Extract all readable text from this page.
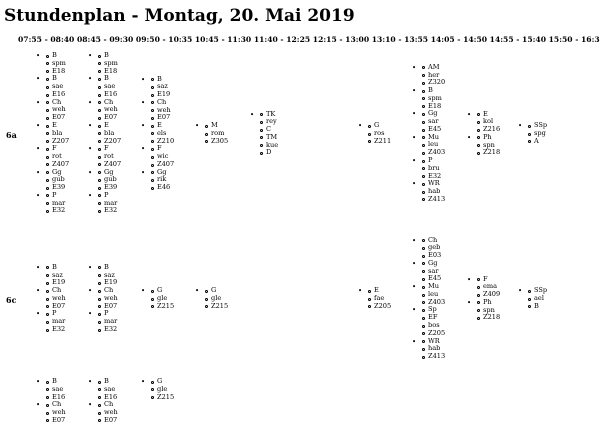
Stundenplan - Montag, 20. Mai 2019
07:55 - 08:40 08:45 - 09:30 09:50 - 10:35 10:45 - 11:30 11:40 - 12:25 12:15 - 13:00 13:10 - 13:55 14:05 - 14:50 14:55 - 15:40 15:50 - 16:3
6a
• B
spm
E18
• B
sae
E16
• Ch
weh
E07
• E
bla
Z207
• F
rot
Z407
• Gg
gub
E39
• P
mar
E32
• B
spm
E18
• B
sae
E16
• Ch
weh
E07
• E
bla
Z207
• F
rot
Z407
• Gg
gub
E39
• P
mar
E32
• B
saz
E19
• Ch
weh
E07
• E
els
Z210
• F
wic
Z407
• Gg
rik
E46
• M
rom
Z305
• TK
rey
C
TM
kue
D
• G
ros
Z211
• AM
her
Z320
• B
spm
E18
• Gg
sar
E45
• Mu
leu
Z403
• P
bru
E32
• WR
hab
Z413
• E
kol
Z216
• Ph
spn
Z218
• SSp
spg
A
6c
• B
saz
E19
• Ch
weh
E07
• P
mar
E32
• B
saz
E19
• Ch
weh
E07
• P
mar
E32
• G
gle
Z215
• G
gle
Z215
• E
fae
Z205
• Ch
geb
E03
• Gg
sar
E45
• Mu
leu
Z403
• Sp
EF
bos
Z205
• WR
hab
Z413
• F
ema
Z409
• Ph
spn
Z218
• SSp
ael
B
• B
sae
E16
• Ch
weh
E07
• B
sae
E16
• Ch
weh
E07
• G
gle
Z215
